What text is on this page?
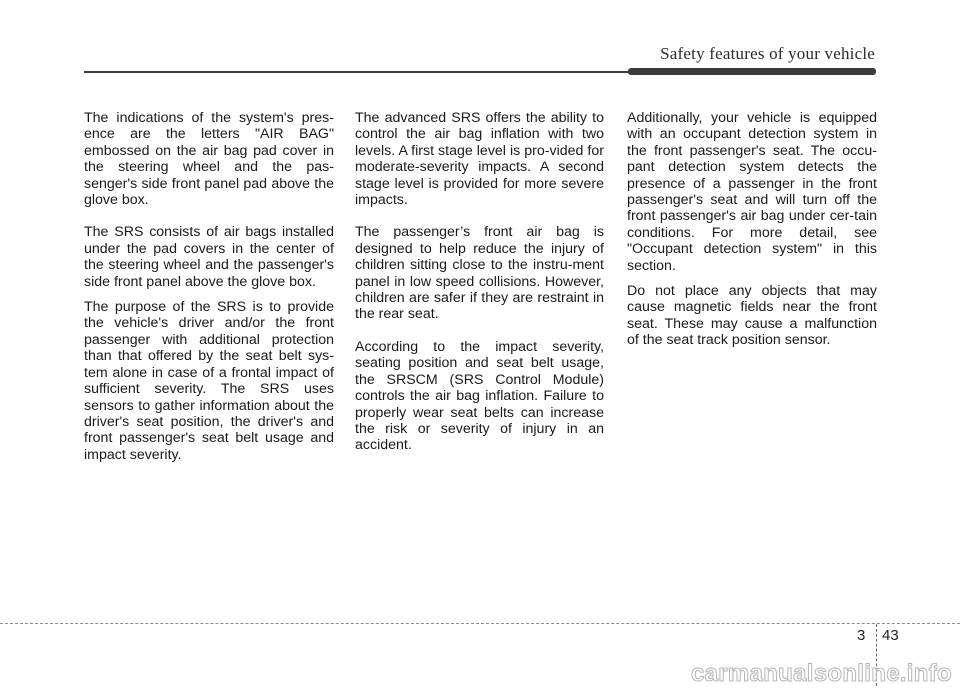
Safety features of your vehicle

The indications of the system's pres-ence are the letters "AIR BAG" embossed on the air bag pad cover in the steering wheel and the pas-senger's side front panel pad above the glove box.

The SRS consists of air bags installed under the pad covers in the center of the steering wheel and the passenger's side front panel above the glove box.

The purpose of the SRS is to provide the vehicle's driver and/or the front passenger with additional protection than that offered by the seat belt sys-tem alone in case of a frontal impact of sufficient severity. The SRS uses sensors to gather information about the driver's seat position, the driver's and front passenger's seat belt usage and impact severity.

The advanced SRS offers the ability to control the air bag inflation with two levels. A first stage level is pro-vided for moderate-severity impacts. A second stage level is provided for more severe impacts.

The passenger’s front air bag is designed to help reduce the injury of children sitting close to the instru-ment panel in low speed collisions. However, children are safer if they are restraint in the rear seat.

According to the impact severity, seating position and seat belt usage, the SRSCM (SRS Control Module) controls the air bag inflation. Failure to properly wear seat belts can increase the risk or severity of injury in an accident.

Additionally, your vehicle is equipped with an occupant detection system in the front passenger's seat. The occu-pant detection system detects the presence of a passenger in the front passenger's seat and will turn off the front passenger's air bag under cer-tain conditions. For more detail, see "Occupant detection system" in this section.

Do not place any objects that may cause magnetic fields near the front seat. These may cause a malfunction of the seat track position sensor.

3 43
carmanualsonline.info
